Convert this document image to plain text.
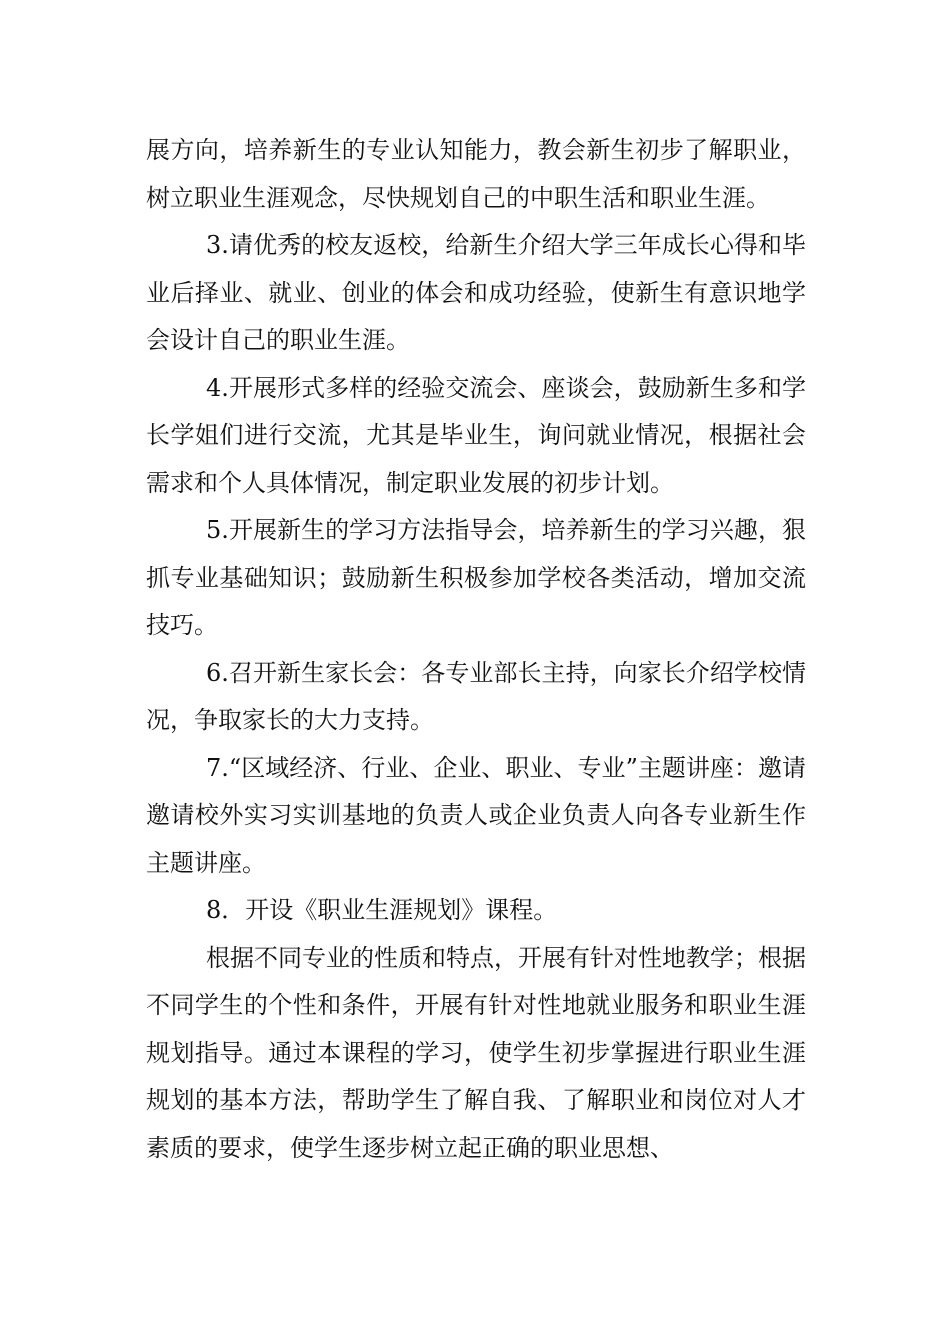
展方向，培养新生的专业认知能力，教会新生初步了解职业，树立职业生涯观念，尽快规划自己的中职生活和职业生涯。

3.请优秀的校友返校，给新生介绍大学三年成长心得和毕业后择业、就业、创业的体会和成功经验，使新生有意识地学会设计自己的职业生涯。

4.开展形式多样的经验交流会、座谈会，鼓励新生多和学长学姐们进行交流，尤其是毕业生，询问就业情况，根据社会需求和个人具体情况，制定职业发展的初步计划。

5.开展新生的学习方法指导会，培养新生的学习兴趣，狠抓专业基础知识；鼓励新生积极参加学校各类活动，增加交流技巧。

6.召开新生家长会：各专业部长主持，向家长介绍学校情况，争取家长的大力支持。

7.“区域经济、行业、企业、职业、专业”主题讲座：邀请邀请校外实习实训基地的负责人或企业负责人向各专业新生作主题讲座。

8．开设《职业生涯规划》课程。

根据不同专业的性质和特点，开展有针对性地教学；根据不同学生的个性和条件，开展有针对性地就业服务和职业生涯规划指导。通过本课程的学习，使学生初步掌握进行职业生涯规划的基本方法，帮助学生了解自我、了解职业和岗位对人才素质的要求，使学生逐步树立起正确的职业思想、
